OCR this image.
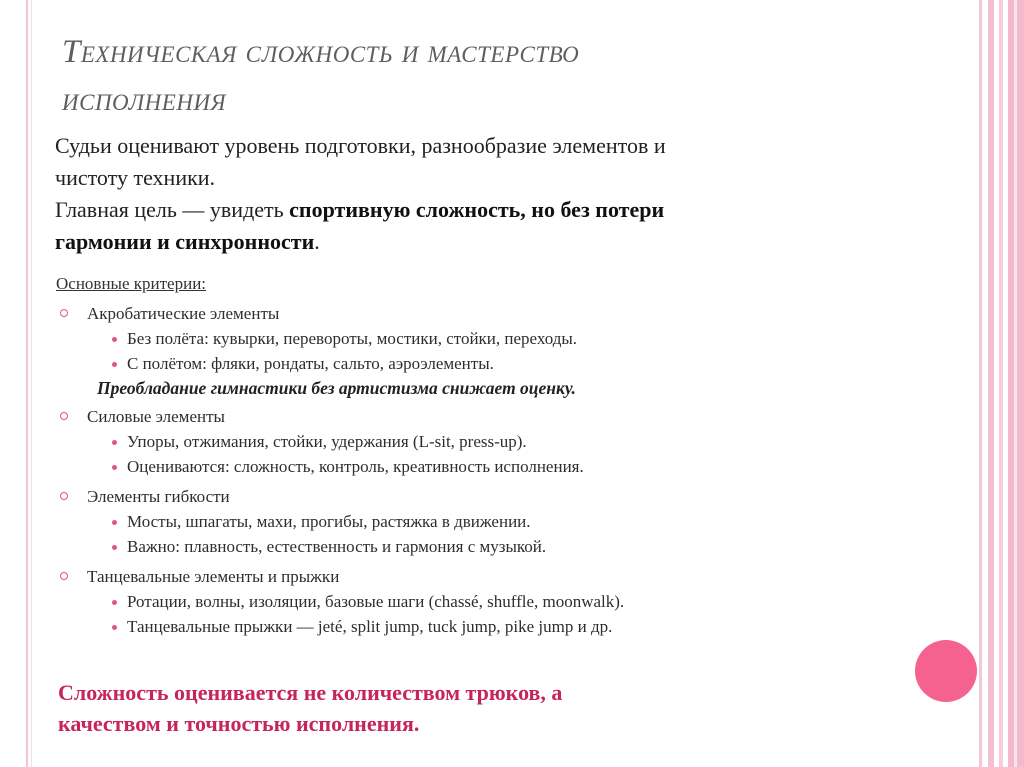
Техническая сложность и мастерство
исполнения
Судьи оценивают уровень подготовки, разнообразие элементов и
чистоту техники.
Главная цель — увидеть спортивную сложность, но без потери
гармонии и синхронности.
Основные критерии:
Акробатические элементы
Без полёта: кувырки, перевороты, мостики, стойки, переходы.
С полётом: фляки, рондаты, сальто, аэроэлементы.
Преобладание гимнастики без артистизма снижает оценку.
Силовые элементы
Упоры, отжимания, стойки, удержания (L-sit, press-up).
Оцениваются: сложность, контроль, креативность исполнения.
Элементы гибкости
Мосты, шпагаты, махи, прогибы, растяжка в движении.
Важно: плавность, естественность и гармония с музыкой.
Танцевальные элементы и прыжки
Ротации, волны, изоляции, базовые шаги (chassé, shuffle, moonwalk).
Танцевальные прыжки — jeté, split jump, tuck jump, pike jump и др.
Сложность оценивается не количеством трюков, а
качеством и точностью исполнения.
